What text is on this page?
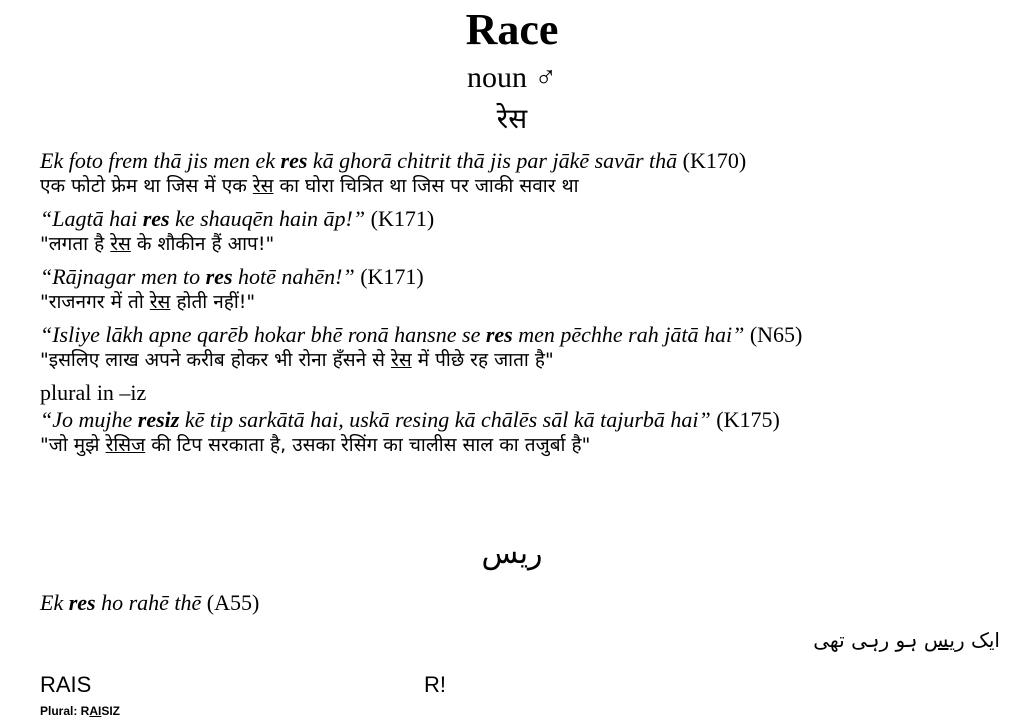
Race
noun ♂
रेस
Ek foto frem thā jis men ek res kā ghorā chitrit thā jis par jākē savār thā (K170)
एक फोटो फ्रेम था जिस में एक रेस का घोरा चित्रित था जिस पर जाकी सवार था
“Lagtā hai res ke shauqēn hain āp!” (K171)
"लगता है रेस के शौकीन हैं आप!"
“Rājnagar men to res hotē nahēn!” (K171)
"राजनगर में तो रेस होती नहीं!"
“Isliye lākh apne qarēb hokar bhē ronā hansne se res men pēchhe rah jātā hai” (N65)
"इसलिए लाख अपने करीब होकर भी रोना हँसने से रेस में पीछे रह जाता है"
plural in –iz
“Jo mujhe resiz kē tip sarkātā hai, uskā resing kā chālēs sāl kā tajurbā hai” (K175)
"जो मुझे रेसिज की टिप सरकाता है, उसका रेसिंग का चालीस साल का तजुर्बा है"
ریس
Ek res ho rahē thē (A55)
ایک ریس ہو رہی تھی
RAIS	R!
Plural: RAISIZ
